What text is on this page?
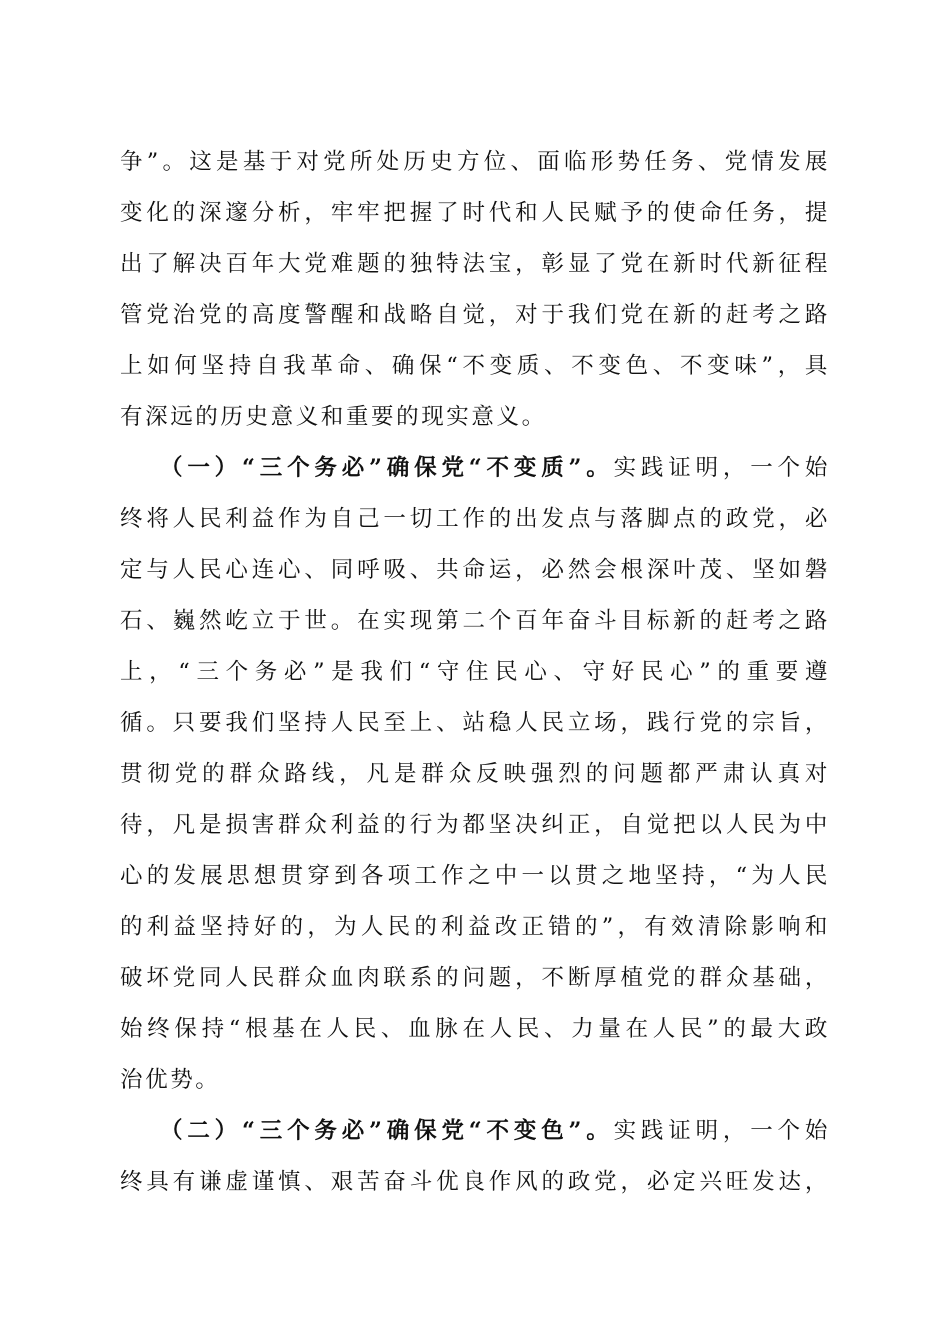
争”。这是基于对党所处历史方位、面临形势任务、党情发展
变化的深邃分析，牢牢把握了时代和人民赋予的使命任务，提
出了解决百年大党难题的独特法宝，彰显了党在新时代新征程
管党治党的高度警醒和战略自觉，对于我们党在新的赶考之路
上如何坚持自我革命、确保“不变质、不变色、不变味”，具
有深远的历史意义和重要的现实意义。
（一）“三个务必”确保党“不变质”。实践证明，一个始
终将人民利益作为自己一切工作的出发点与落脚点的政党，必
定与人民心连心、同呼吸、共命运，必然会根深叶茂、坚如磐
石、巍然屹立于世。在实现第二个百年奋斗目标新的赶考之路
上，“三个务必”是我们“守住民心、守好民心”的重要遵
循。只要我们坚持人民至上、站稳人民立场，践行党的宗旨，
贯彻党的群众路线，凡是群众反映强烈的问题都严肃认真对
待，凡是损害群众利益的行为都坚决纠正，自觉把以人民为中
心的发展思想贯穿到各项工作之中一以贯之地坚持，“为人民
的利益坚持好的，为人民的利益改正错的”，有效清除影响和
破坏党同人民群众血肉联系的问题，不断厚植党的群众基础，
始终保持“根基在人民、血脉在人民、力量在人民”的最大政
治优势。
（二）“三个务必”确保党“不变色”。实践证明，一个始
终具有谦虚谨慎、艰苦奋斗优良作风的政党，必定兴旺发达，
